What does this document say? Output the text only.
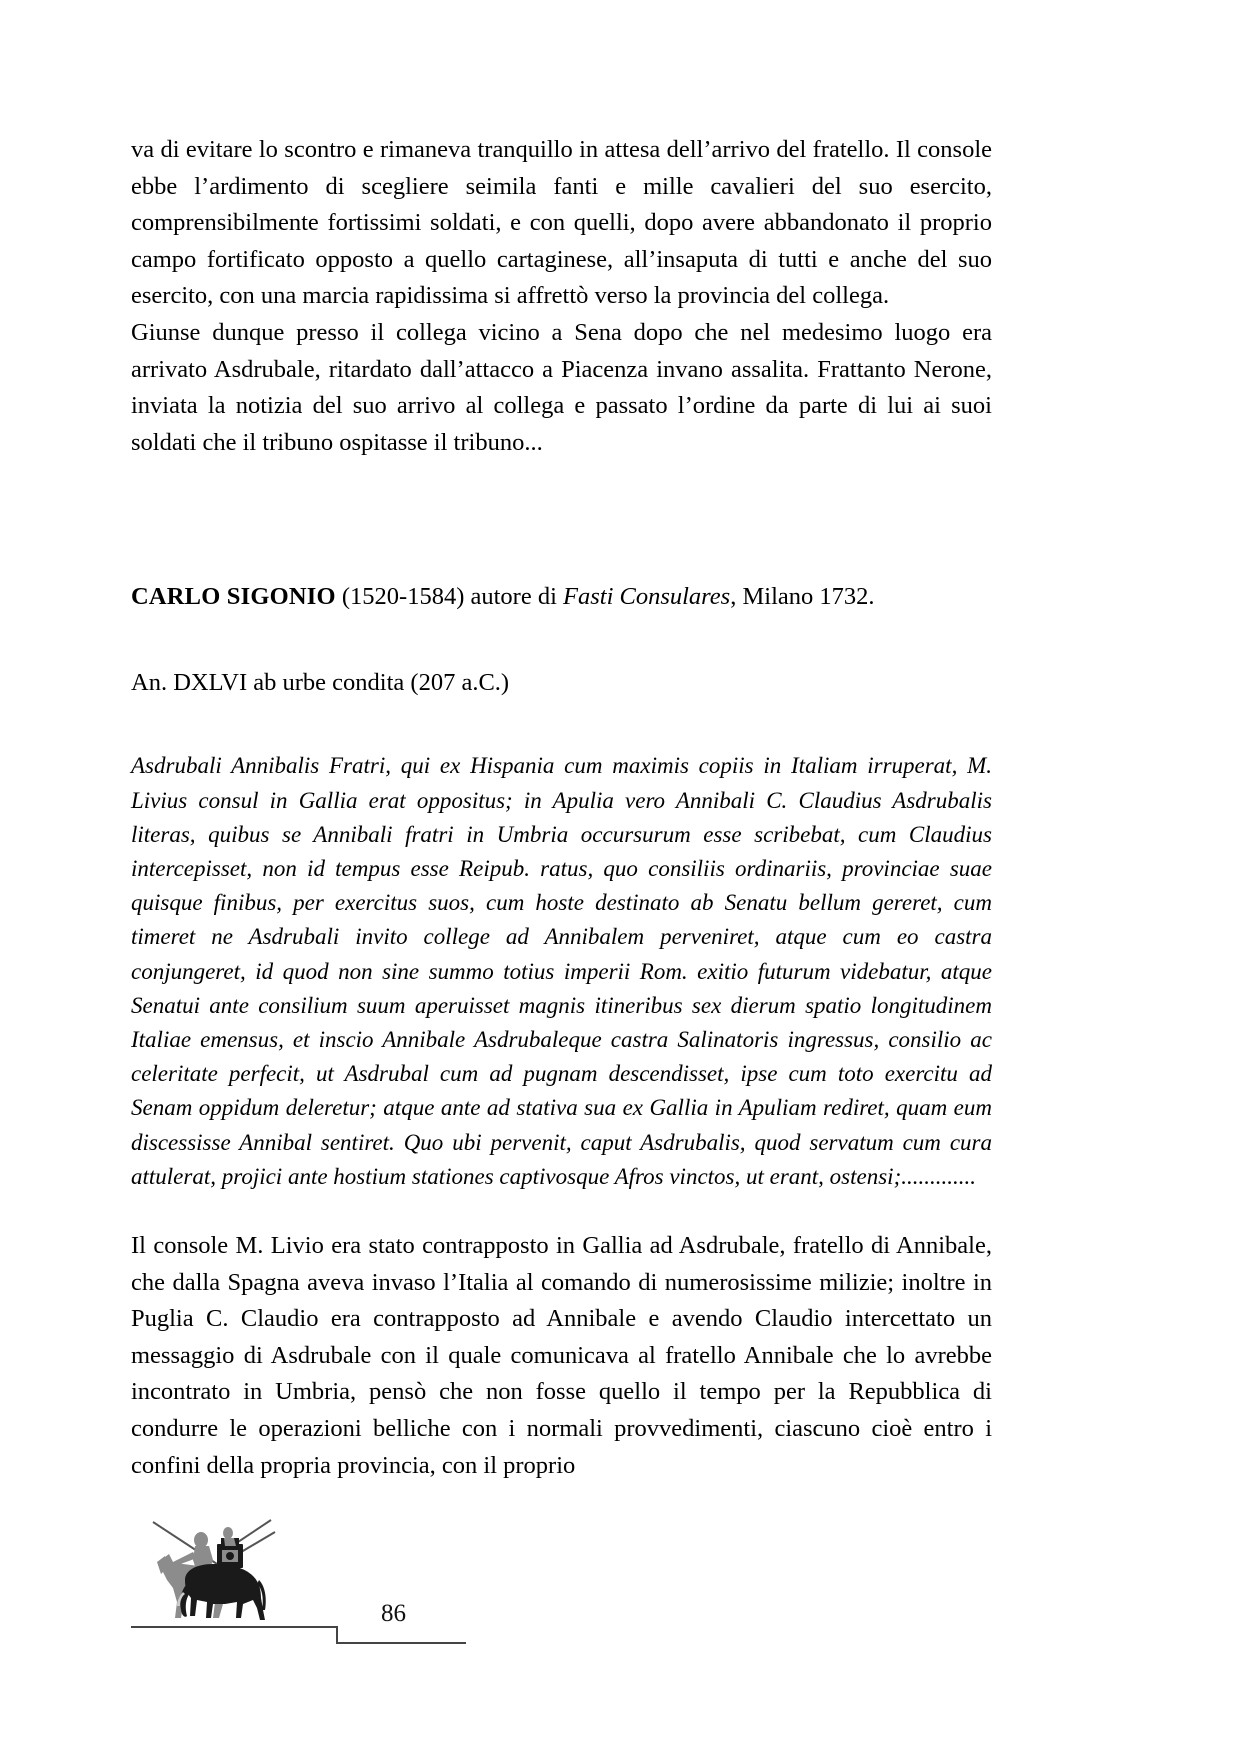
va di evitare lo scontro e rimaneva tranquillo in attesa dell’arrivo del fratello. Il console ebbe l’ardimento di scegliere seimila fanti e mille cavalieri del suo esercito, comprensibilmente fortissimi soldati, e con quelli, dopo avere abbandonato il proprio campo fortificato opposto a quello cartaginese, all’insaputa di tutti e anche del suo esercito, con una marcia rapidissima si affrettò verso la provincia del collega.

Giunse dunque presso il collega vicino a Sena dopo che nel medesimo luogo era arrivato Asdrubale, ritardato dall’attacco a Piacenza invano assalita. Frattanto Nerone, inviata la notizia del suo arrivo al collega e passato l’ordine da parte di lui ai suoi soldati che il tribuno ospitasse il tribuno...

CARLO SIGONIO (1520-1584) autore di Fasti Consulares, Milano 1732.

An. DXLVI ab urbe condita (207 a.C.)

Asdrubali Annibalis Fratri, qui ex Hispania cum maximis copiis in Italiam irruperat, M. Livius consul in Gallia erat oppositus; in Apulia vero Annibali C. Claudius Asdrubalis literas, quibus se Annibali fratri in Umbria occursurum esse scribebat, cum Claudius intercepisset, non id tempus esse Reipub. ratus, quo consiliis ordinariis, provinciae suae quisque finibus, per exercitus suos, cum hoste destinato ab Senatu bellum gereret, cum timeret ne Asdrubali invito college ad Annibalem perveniret, atque cum eo castra conjungeret, id quod non sine summo totius imperii Rom. exitio futurum videbatur, atque Senatui ante consilium suum aperuisset magnis itineribus sex dierum spatio longitudinem Italiae emensus, et inscio Annibale Asdrubaleque castra Salinatoris ingressus, consilio ac celeritate perfecit, ut Asdrubal cum ad pugnam descendisset, ipse cum toto exercitu ad Senam oppidum deleretur; atque ante ad stativa sua ex Gallia in Apuliam rediret, quam eum discessisse Annibal sentiret. Quo ubi pervenit, caput Asdrubalis, quod servatum cum cura attulerat, projici ante hostium stationes captivosque Afros vinctos, ut erant, ostensi;.............

Il console M. Livio era stato contrapposto in Gallia ad Asdrubale, fratello di Annibale, che dalla Spagna aveva invaso l’Italia al comando di numerosissime milizie; inoltre in Puglia C. Claudio era contrapposto ad Annibale e avendo Claudio intercettato un messaggio di Asdrubale con il quale comunicava al fratello Annibale che lo avrebbe incontrato in Umbria, pensò che non fosse quello il tempo per la Repubblica di condurre le operazioni belliche con i normali provvedimenti, ciascuno cioè entro i confini della propria provincia, con il proprio

86
